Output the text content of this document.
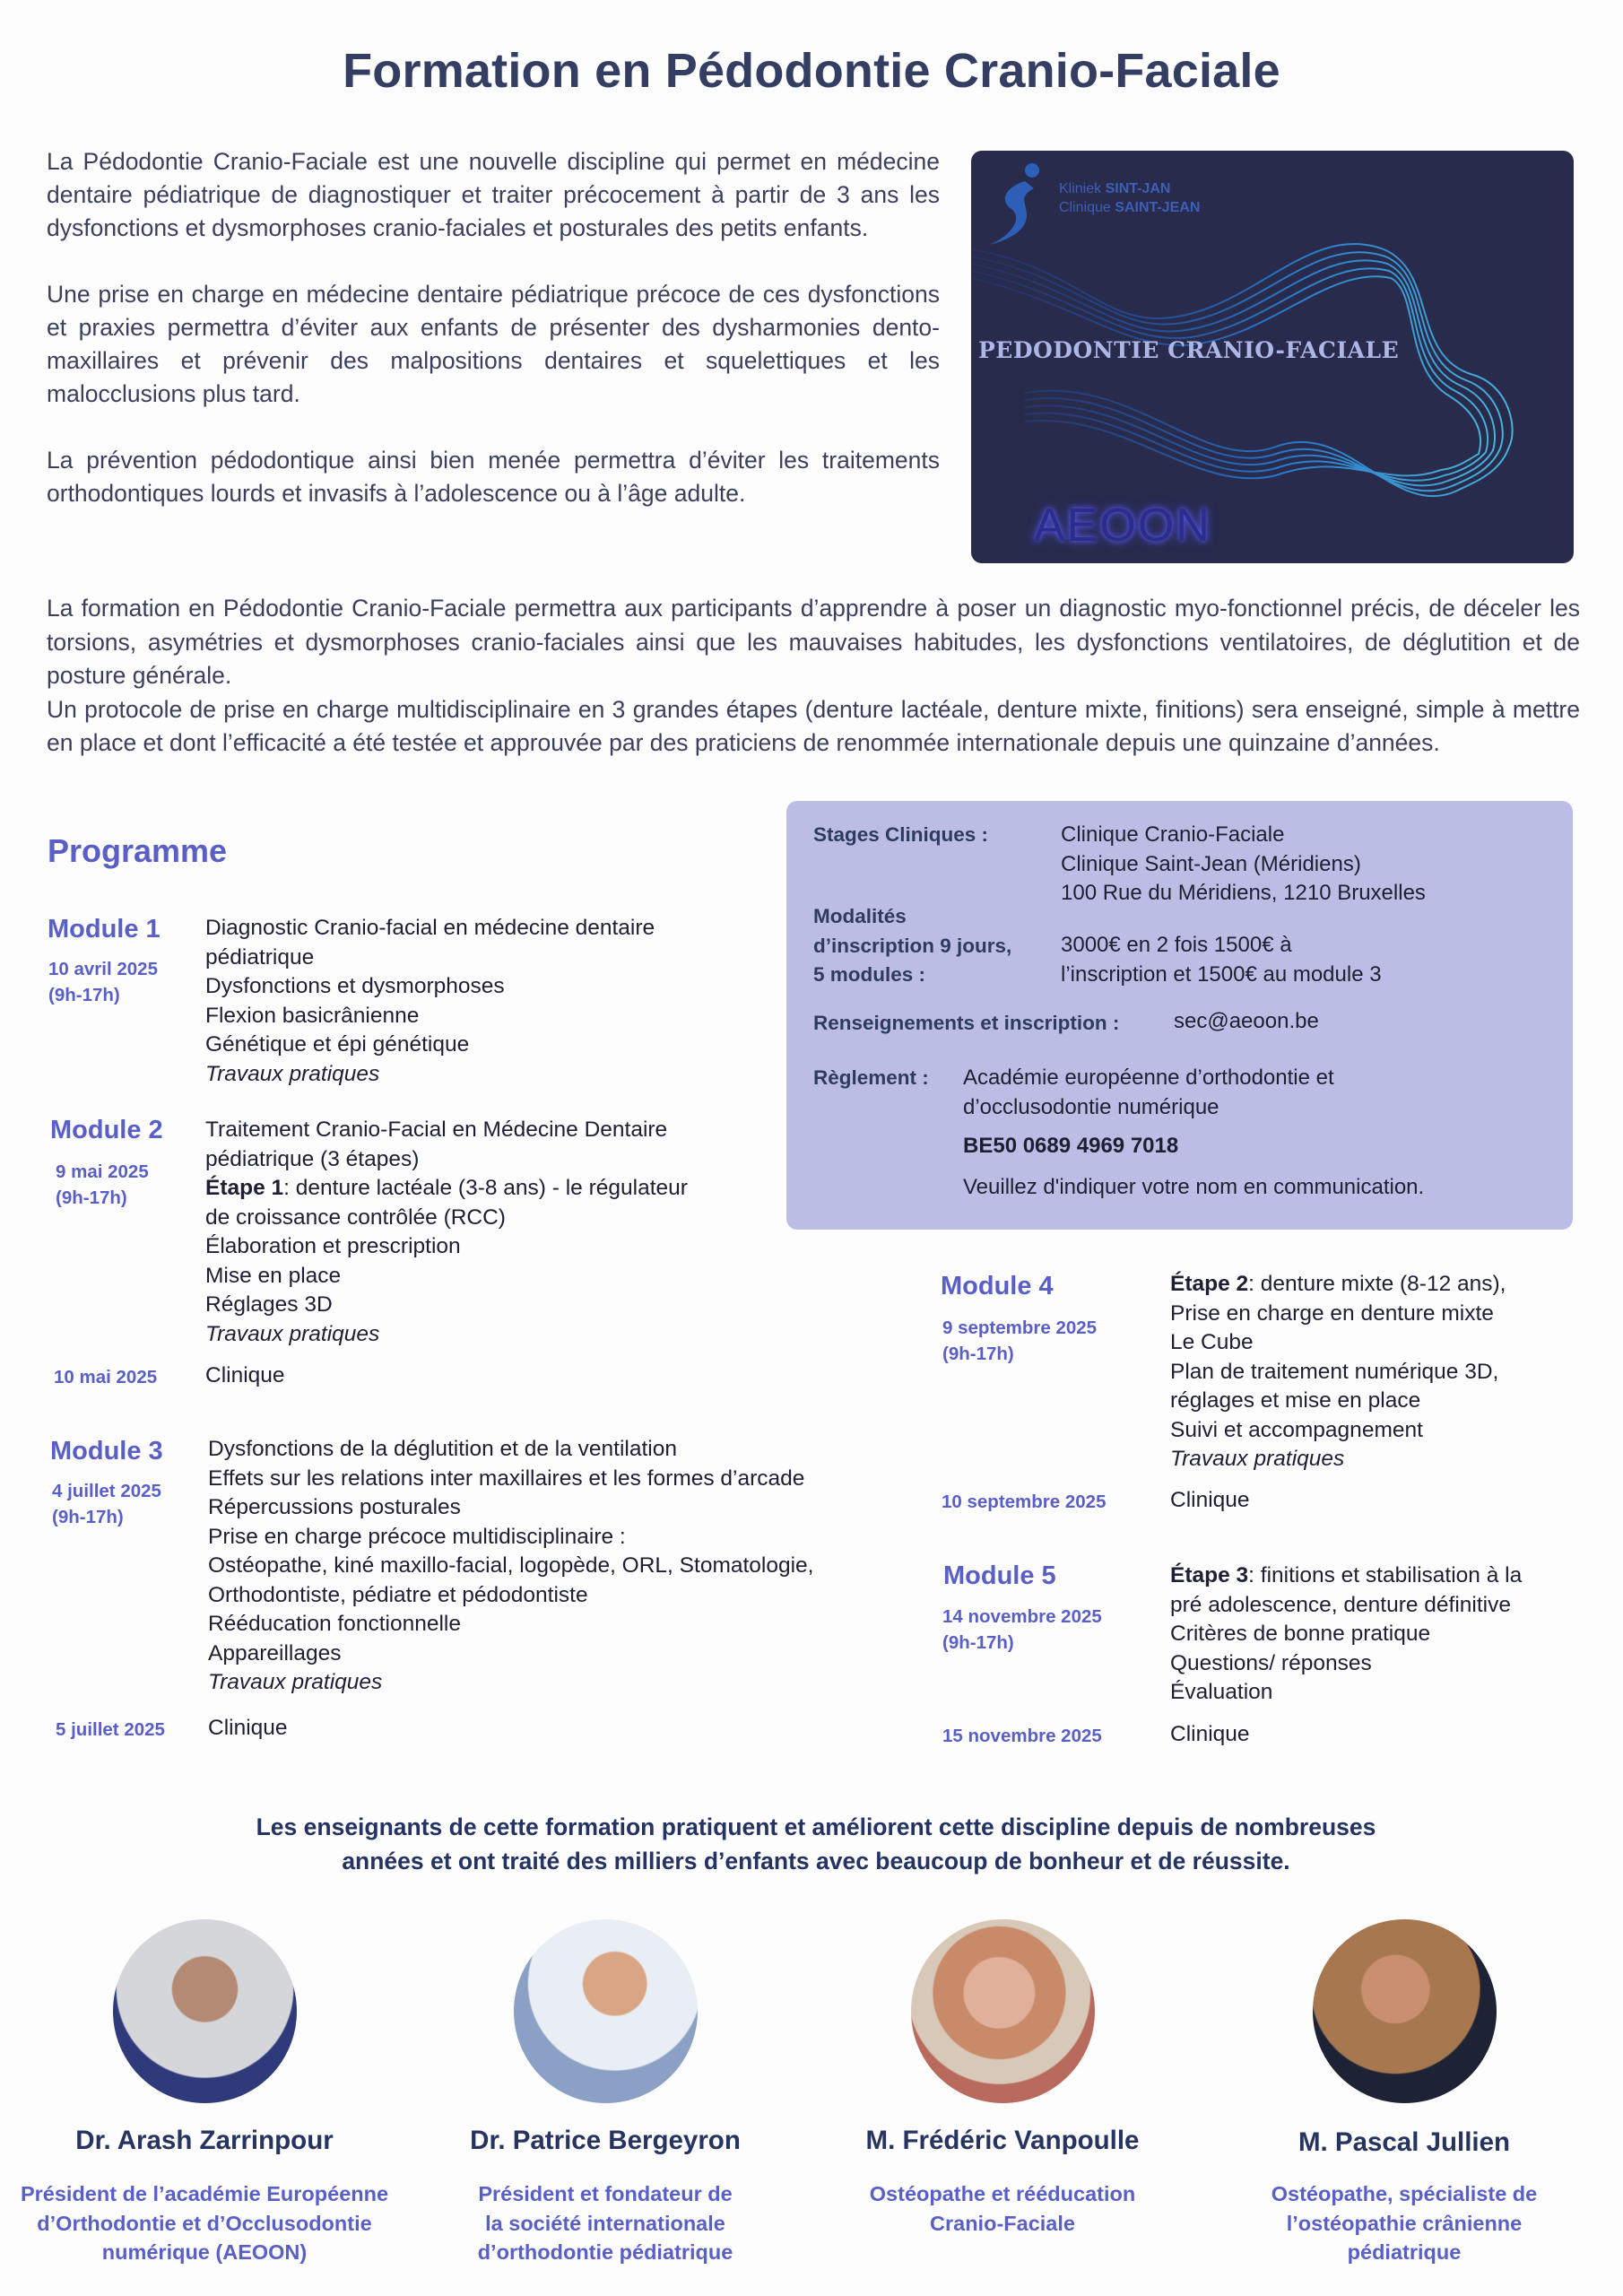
Formation en Pédodontie Cranio-Faciale

La Pédodontie Cranio-Faciale est une nouvelle discipline qui permet en médecine dentaire pédiatrique de diagnostiquer et traiter précocement à partir de 3 ans les dysfonctions et dysmorphoses cranio-faciales et posturales des petits enfants.

Une prise en charge en médecine dentaire pédiatrique précoce de ces dysfonctions et praxies permettra d’éviter aux enfants de présenter des dysharmonies dento-maxillaires et prévenir des malpositions dentaires et squelettiques et les malocclusions plus tard.

La prévention pédodontique ainsi bien menée permettra d’éviter les traitements orthodontiques lourds et invasifs à l’adolescence ou à l’âge adulte.

Kliniek SINT-JAN
Clinique SAINT-JEAN
PEDODONTIE CRANIO-FACIALE
AEOON

La formation en Pédodontie Cranio-Faciale permettra aux participants d’apprendre à poser un diagnostic myo-fonctionnel précis, de déceler les torsions, asymétries et dysmorphoses cranio-faciales ainsi que les mauvaises habitudes, les dysfonctions ventilatoires, de déglutition et de posture générale.

Un protocole de prise en charge multidisciplinaire en 3 grandes étapes (denture lactéale, denture mixte, finitions) sera enseigné, simple à mettre en place et dont l’efficacité a été testée et approuvée par des praticiens de renommée internationale depuis une quinzaine d’années.

Programme
Module 1
10 avril 2025
(9h-17h)
Diagnostic Cranio-facial en médecine dentaire
pédiatrique
Dysfonctions et dysmorphoses
Flexion basicrânienne
Génétique et épi génétique
Travaux pratiques
Module 2
9 mai 2025
(9h-17h)
Traitement Cranio-Facial en Médecine Dentaire
pédiatrique (3 étapes)
Étape 1: denture lactéale (3-8 ans) - le régulateur
de croissance contrôlée (RCC)
Élaboration et prescription
Mise en place
Réglages 3D
Travaux pratiques
10 mai 2025 Clinique
Module 3
4 juillet 2025
(9h-17h)
Dysfonctions de la déglutition et de la ventilation
Effets sur les relations inter maxillaires et les formes d’arcade
Répercussions posturales
Prise en charge précoce multidisciplinaire :
Ostéopathe, kiné maxillo-facial, logopède, ORL, Stomatologie,
Orthodontiste, pédiatre et pédodontiste
Rééducation fonctionnelle
Appareillages
Travaux pratiques
5 juillet 2025 Clinique
Stages Cliniques :	Clinique Cranio-Faciale
Clinique Saint-Jean (Méridiens)
100 Rue du Méridiens, 1210 Bruxelles
Modalités
d’inscription 9 jours,
5 modules :
3000€ en 2 fois 1500€ à
l’inscription et 1500€ au module 3
Renseignements et inscription :	sec@aeoon.be
Règlement : Académie européenne d’orthodontie et
d’occlusodontie numérique
BE50 0689 4969 7018
Veuillez d'indiquer votre nom en communication.
Module 4
9 septembre 2025
(9h-17h)
Étape 2: denture mixte (8-12 ans),
Prise en charge en denture mixte
Le Cube
Plan de traitement numérique 3D,
réglages et mise en place
Suivi et accompagnement
Travaux pratiques
10 septembre 2025	Clinique
Module 5
14 novembre 2025
(9h-17h)
Étape 3: finitions et stabilisation à la
pré adolescence, denture définitive
Critères de bonne pratique
Questions/ réponses
Évaluation
15 novembre 2025	Clinique
Les enseignants de cette formation pratiquent et améliorent cette discipline depuis de nombreuses
années et ont traité des milliers d’enfants avec beaucoup de bonheur et de réussite.
Dr. Arash Zarrinpour
Président de l’académie Européenne
d’Orthodontie et d’Occlusodontie
numérique (AEOON)
Dr. Patrice Bergeyron
Président et fondateur de
la société internationale
d’orthodontie pédiatrique
M. Frédéric Vanpoulle
Ostéopathe et rééducation
Cranio-Faciale
M. Pascal Jullien
Ostéopathe, spécialiste de
l’ostéopathie crânienne
pédiatrique
